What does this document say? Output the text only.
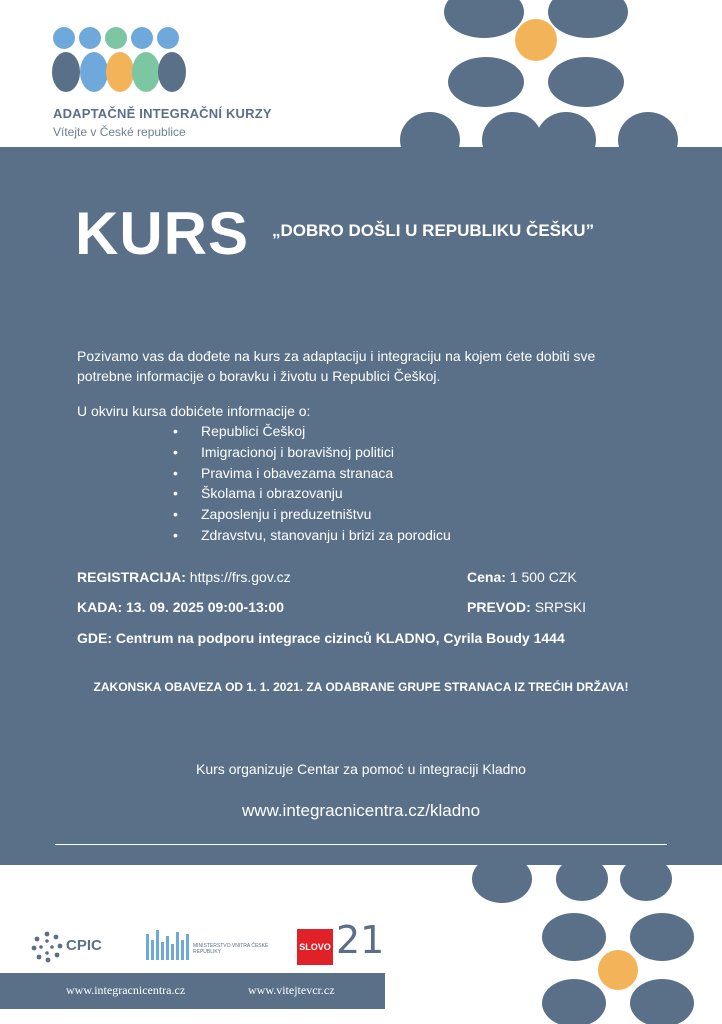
ADAPTAČNĚ INTEGRAČNÍ KURZY
Vítejte v České republice
KURS „DOBRO DOŠLI U REPUBLIKU ČEŠKU”
Pozivamo vas da dođete na kurs za adaptaciju i integraciju na kojem ćete dobiti sve potrebne informacije o boravku i životu u Republici Češkoj.
U okviru kursa dobićete informacije o:
• Republici Češkoj
• Imigracionoj i boravišnoj politici
• Pravima i obavezama stranaca
• Školama i obrazovanju
• Zaposlenju i preduzetništvu
• Zdravstvu, stanovanju i brizi za porodicu
REGISTRACIJA: https://frs.gov.cz	Cena: 1 500 CZK
KADA: 13. 09. 2025 09:00-13:00	PREVOD: SRPSKI
GDE: Centrum na podporu integrace cizinců KLADNO, Cyrila Boudy 1444
ZAKONSKA OBAVEZA OD 1. 1. 2021. ZA ODABRANE GRUPE STRANACA IZ TREĆIH DRŽAVA!
Kurs organizuje Centar za pomoć u integraciji Kladno
www.integracnicentra.cz/kladno
CPIC	MINISTERSTVO VNITRA ČESKÉ REPUBLIKY	SLOVO 21
www.integracnicentra.cz	www.vitejtevcr.cz
